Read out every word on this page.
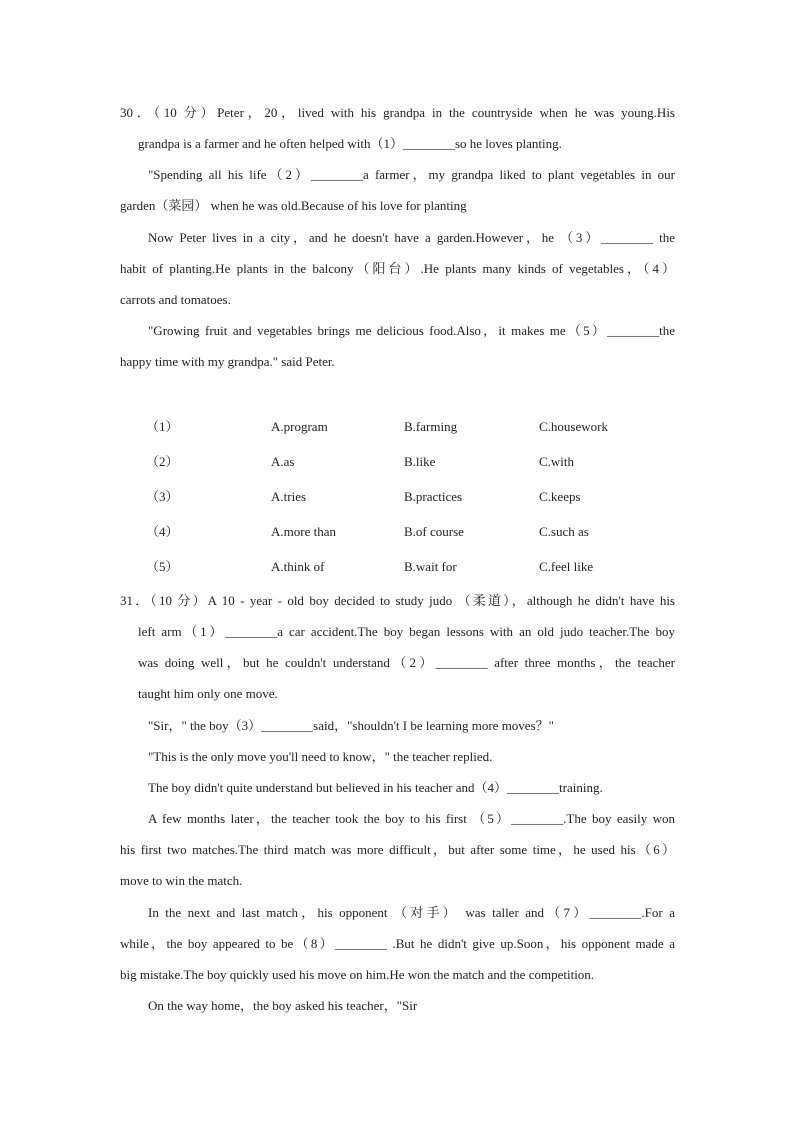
30．（10 分）Peter，20，lived with his grandpa in the countryside when he was young.His
grandpa is a farmer and he often helped with（1）________so he loves planting.
"Spending all his life（2）________a farmer，my grandpa liked to plant vegetables in our
garden（菜园） when he was old.Because of his love for planting
Now Peter lives in a city，and he doesn't have a garden.However，he （3）________ the
habit of planting.He plants in the balcony（阳台）.He plants many kinds of vegetables，（4）
carrots and tomatoes.
"Growing fruit and vegetables brings me delicious food.Also，it makes me（5）________the
happy time with my grandpa." said Peter.
（1）	A.program	B.farming	C.housework
（2）	A.as	B.like	C.with
（3）	A.tries	B.practices	C.keeps
（4）	A.more than	B.of course	C.such as
（5）	A.think of	B.wait for	C.feel like
31．（10 分）A 10 - year - old boy decided to study judo （柔道），although he didn't have his
left arm（1）________a car accident.The boy began lessons with an old judo teacher.The boy
was doing well，but he couldn't understand（2）________ after three months，the teacher
taught him only one move.
"Sir，" the boy（3）________said，"shouldn't I be learning more moves？"
"This is the only move you'll need to know，" the teacher replied.
The boy didn't quite understand but believed in his teacher and（4）________training.
A few months later，the teacher took the boy to his first （5）________.The boy easily won
his first two matches.The third match was more difficult，but after some time，he used his（6）
move to win the match.
In the next and last match，his opponent （对手） was taller and（7）________.For a
while，the boy appeared to be（8）________ .But he didn't give up.Soon，his opponent made a
big mistake.The boy quickly used his move on him.He won the match and the competition.
On the way home，the boy asked his teacher，"Sir
